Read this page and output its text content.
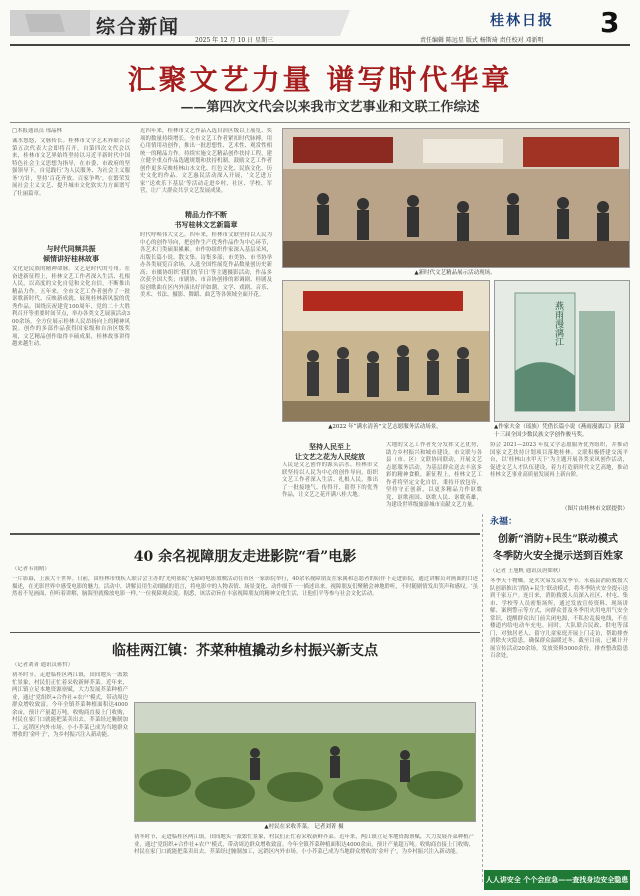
综合新闻
2025 年 12 月 10 日 星期三	责任编辑 陈远星 版式 杨斯琦 责任校对 邓新明
桂林日报 3
汇聚文艺力量 谱写时代华章
——第四次文代会以来我市文艺事业和文联工作综述
□本报通讯员 邢晶林
诚水悠悠，文脉传长。桂林市文学艺术界联合会第五次代表大会即将召开。自第四次文代会以来，桂林市文艺界始终坚持以习近平新时代中国特色社会主义思想为指导，在市委、市政府的坚强领导下，自觉践行‘为人民服务、为社会主义服务’方针，坚持‘百花齐放、百家争鸣’，在繁荣发展社会主义文艺、提升城市文化软实力方面谱写了壮丽篇章。
与时代同频共振
倾情讲好桂林故事
文化是民族的精神命脉。文艺是时代的号角。在奋进新征程上，桂林文艺工作者深入生活、扎根人民，以高度的文化自觉和文化自信，不断推出精品力作。五年来，全市文艺工作者创作了一批讴歌新时代、反映新成就、展现桂林新风貌的优秀作品。围绕庆祝建党100周年、党的二十大胜利召开等重要时间节点，举办各类文艺展演活动300余场，全方位展示桂林人民昂扬向上的精神风貌。创作的多部作品获得国家级和自治区级奖项，文艺精品创作取得丰硕成果，桂林故事讲得越来越生动。
近四年来，桂林市文艺作品入选自治区级以上展览、奖项的数量持续增长。全市文艺工作者紧扣时代脉搏，用心用情用功创作，推出一批思想性、艺术性、观赏性相统一的精品力作。持续实施文艺精品创作扶持工程，建立健全重点作品选题规划和扶持机制，鼓励文艺工作者创作更多反映桂林山水文化、红色文化、民族文化、历史文化的作品。文艺惠民活动深入开展，‘文艺进万家’‘送欢乐下基层’等活动走进乡村、社区、学校、军营，让广大群众共享文艺发展成果。
精品力作不断
书写桂林文艺新篇章
时代呼唤伟大文艺。四年来，桂林市文联坚持以人民为中心的创作导向，把创作生产优秀作品作为中心环节，各艺术门类硕果累累。市作协组织作家深入基层采风，出版长篇小说、散文集、诗集多部；市美协、市书协举办各类展览百余场，入选全国性展览作品数量创历史新高；市摄协组织‘我们的节日’等主题摄影活动，作品多次获全国大奖；市剧协、市音协创排的彩调剧、桂剧及原创歌曲在区内外演出好评如潮。文学、戏剧、音乐、美术、书法、摄影、舞蹈、曲艺等各领域全面开花。
▲新时代文艺精品展示活动现场。
▲2022 年“满水清善”文艺志愿服务活动场景。
燕雨漫漓江
▲作家夫金（瑶族）凭借长篇小说《燕雨漫漓江》获第十三届全国少数民族文学创作骏马奖。
坚持人民至上
让文艺之花为人民绽放
人民是文艺创作的源头活水。桂林市文联坚持以人民为中心的创作导向，组织文艺工作者深入生活、扎根人民，推出了一批接地气、传得开、留得下的优秀作品，让文艺之花开满八桂大地。
大地的文艺工作者充分发挥文艺优势，助力乡村振兴和城市建设。市文联与各县（市、区）文联协同联动，开展文艺志愿服务活动，为基层群众送去丰富多彩的精神食粮。新征程上，桂林文艺工作者将坚定文化自信，秉持开放包容，坚持守正创新，以更多精品力作讴歌党、讴歌祖国、讴歌人民、讴歌英雄，为建设世界级旅游城市贡献文艺力量。
协会 2021—2023 年度文学志愿服务优秀组织，并推动国家文艺扶持计划项目落地桂林。文联积极搭建交流平台，以‘桂林山水甲天下’为主题开展各类采风创作活动，促进文艺人才队伍建设，着力打造新时代文艺高地，推动桂林文艺事业高质量发展再上新台阶。
（图片由桂林市文联提供）
40 余名视障朋友走进影院“看”电影
（记者韦雨晴）
一片影幕，上演大千世界。日前，由桂林市残疾人联合会主办的‘光明影院’无障碍电影放映活动在市区一家影院举行，40余名视障朋友在家属和志愿者的陪伴下走进影院，通过讲解员对画面的口述描述，在光影世界中感受电影的魅力。活动中，讲解员用生动细腻的语言，将电影中的人物表情、场景变化、动作细节一一描述出来，视障朋友们聚精会神地聆听，不时随剧情发出笑声和感叹。‘虽然看不见画面，但听着讲解，脑海里就像放电影一样。’一位视障观众说。据悉，该活动旨在丰富视障朋友的精神文化生活，让他们平等参与社会文化活动。
临桂两江镇：芥菜种植撬动乡村振兴新支点
（记者刘菁 通讯员蒋哲）
初冬时节，走进临桂区两江镇，田间地头一派繁忙景象，村民们正忙着采收新鲜芥菜。近年来，两江镇立足本地资源禀赋，大力发展芥菜种植产业，通过‘党组织+合作社+农户’模式，带动周边群众增收致富。今年全镇芥菜种植面积达4000余亩，预计产量超万吨。收购商直接上门收购，村民在家门口就能把菜卖出去。芥菜经过腌制加工，远销区内外市场。小小芥菜已成为当地群众增收的‘金叶子’，为乡村振兴注入新动能。
▲村民在采收芥菜。 记者刘菁 摄
初冬时节，走进临桂区两江镇，田间地头一派繁忙景象，村民们正忙着采收新鲜芥菜。近年来，两江镇立足本地资源禀赋，大力发展芥菜种植产业，通过‘党组织+合作社+农户’模式，带动周边群众增收致富。今年全镇芥菜种植面积达4000余亩，预计产量超万吨。收购商直接上门收购，村民在家门口就能把菜卖出去。芥菜经过腌制加工，远销区内外市场。小小芥菜已成为当地群众增收的‘金叶子’，为乡村振兴注入新动能。
永福：
创新“消防+民生”联动模式
冬季防火安全提示送到百姓家
（记者 王旭帆 通讯员唐如秋）
冬季天干物燥，是火灾易发高发季节。永福县消防救援大队创新推出‘消防+民生’联动模式，将冬季防火安全提示送到千家万户。连日来，消防救援人员深入社区、村屯、集市、学校等人员密集场所，通过发放宣传资料、现场讲解、案例警示等方式，向群众普及冬季用火用电用气安全常识，提醒群众出门前关闭电源，不私拉乱接电线，不在楼道内给电动车充电。同时，大队联合民政、供电等部门，对独居老人、留守儿童家庭开展上门走访，帮助排查消除火灾隐患，确保群众温暖过冬。截至目前，已累计开展宣传活动20余场，发放资料5000余份，排查整改隐患百余处。
人人讲安全 个个会应急——查找身边安全隐患
